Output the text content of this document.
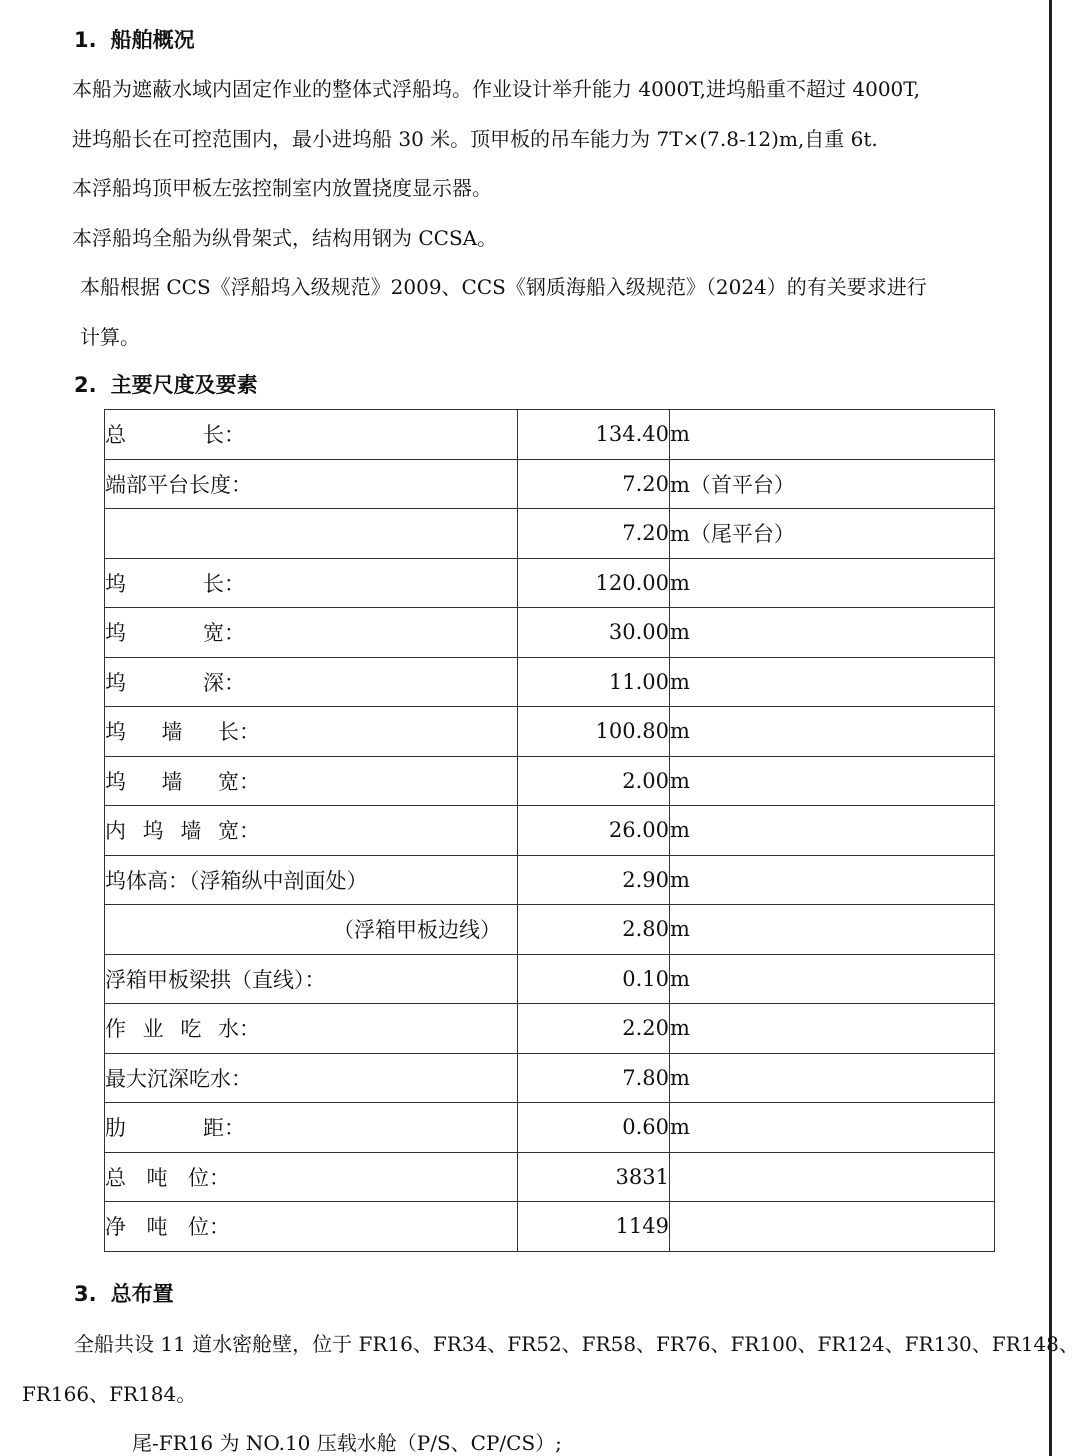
1. 船舶概况
本船为遮蔽水域内固定作业的整体式浮船坞。作业设计举升能力 4000T,进坞船重不超过 4000T,
进坞船长在可控范围内，最小进坞船 30 米。顶甲板的吊车能力为 7T×(7.8-12)m,自重 6t.
本浮船坞顶甲板左弦控制室内放置挠度显示器。
本浮船坞全船为纵骨架式，结构用钢为 CCSA。
本船根据 CCS《浮船坞入级规范》2009、CCS《钢质海船入级规范》（2024）的有关要求进行
计算。
2. 主要尺度及要素
总 长：	134.40	m

端部平台长度：	7.20	m（首平台）

	7.20	m（尾平台）

坞 长：	120.00	m

坞 宽：	30.00	m

坞 深：	11.00	m

坞 墙 长：	100.80	m

坞 墙 宽：	2.00	m

内 坞 墙 宽：	26.00	m

坞体高：（浮箱纵中剖面处）	2.90	m

（浮箱甲板边线）	2.80	m

浮箱甲板梁拱（直线）：	0.10	m

作 业 吃 水：	2.20	m

最大沉深吃水：	7.80	m

肋 距：	0.60	m

总 吨 位：	3831	

净 吨 位：	1149	
3. 总布置
全船共设 11 道水密舱壁，位于 FR16、FR34、FR52、FR58、FR76、FR100、FR124、FR130、FR148、
FR166、FR184。
尾-FR16 为 NO.10 压载水舱（P/S、CP/CS）;
